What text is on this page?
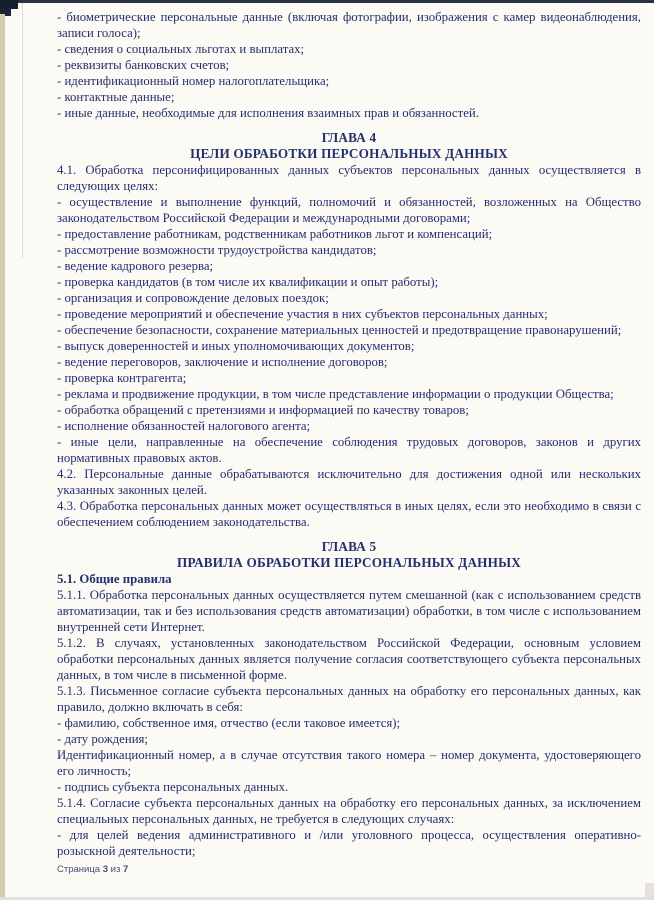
- биометрические персональные данные (включая фотографии, изображения с камер видеонаблюдения, записи голоса);

- сведения о социальных льготах и выплатах;

- реквизиты банковских счетов;

- идентификационный номер налогоплательщика;

- контактные данные;

- иные данные, необходимые для исполнения взаимных прав и обязанностей.

ГЛАВА 4

ЦЕЛИ ОБРАБОТКИ ПЕРСОНАЛЬНЫХ ДАННЫХ

4.1. Обработка персонифицированных данных субъектов персональных данных осуществляется в следующих целях:

- осуществление и выполнение функций, полномочий и обязанностей, возложенных на Общество законодательством Российской Федерации и международными договорами;

- предоставление работникам, родственникам работников льгот и компенсаций;

- рассмотрение возможности трудоустройства кандидатов;

- ведение кадрового резерва;

- проверка кандидатов (в том числе их квалификации и опыт работы);

- организация и сопровождение деловых поездок;

- проведение мероприятий и обеспечение участия в них субъектов персональных данных;

- обеспечение безопасности, сохранение материальных ценностей и предотвращение правонарушений;

- выпуск доверенностей и иных уполномочивающих документов;

- ведение переговоров, заключение и исполнение договоров;

- проверка контрагента;

- реклама и продвижение продукции, в том числе представление информации о продукции Общества;

- обработка обращений с претензиями и информацией по качеству товаров;

- исполнение обязанностей налогового агента;

- иные цели, направленные на обеспечение соблюдения трудовых договоров, законов и других нормативных правовых актов.

4.2. Персональные данные обрабатываются исключительно для достижения одной или нескольких указанных законных целей.

4.3. Обработка персональных данных может осуществляться в иных целях, если это необходимо в связи с обеспечением соблюдением законодательства.

ГЛАВА 5

ПРАВИЛА ОБРАБОТКИ ПЕРСОНАЛЬНЫХ ДАННЫХ

5.1. Общие правила

5.1.1. Обработка персональных данных осуществляется путем смешанной (как с использованием средств автоматизации, так и без использования средств автоматизации) обработки, в том числе с использованием внутренней сети Интернет.

5.1.2. В случаях, установленных законодательством Российской Федерации, основным условием обработки персональных данных является получение согласия соответствующего субъекта персональных данных, в том числе в письменной форме.

5.1.3. Письменное согласие субъекта персональных данных на обработку его персональных данных, как правило, должно включать в себя:

- фамилию, собственное имя, отчество (если таковое имеется);

- дату рождения;

Идентификационный номер, а в случае отсутствия такого номера – номер документа, удостоверяющего его личность;

- подпись субъекта персональных данных.

5.1.4. Согласие субъекта персональных данных на обработку его персональных данных, за исключением специальных персональных данных, не требуется в следующих случаях:

- для целей ведения административного и /или уголовного процесса, осуществления оперативно-розыскной деятельности;

Страница 3 из 7
